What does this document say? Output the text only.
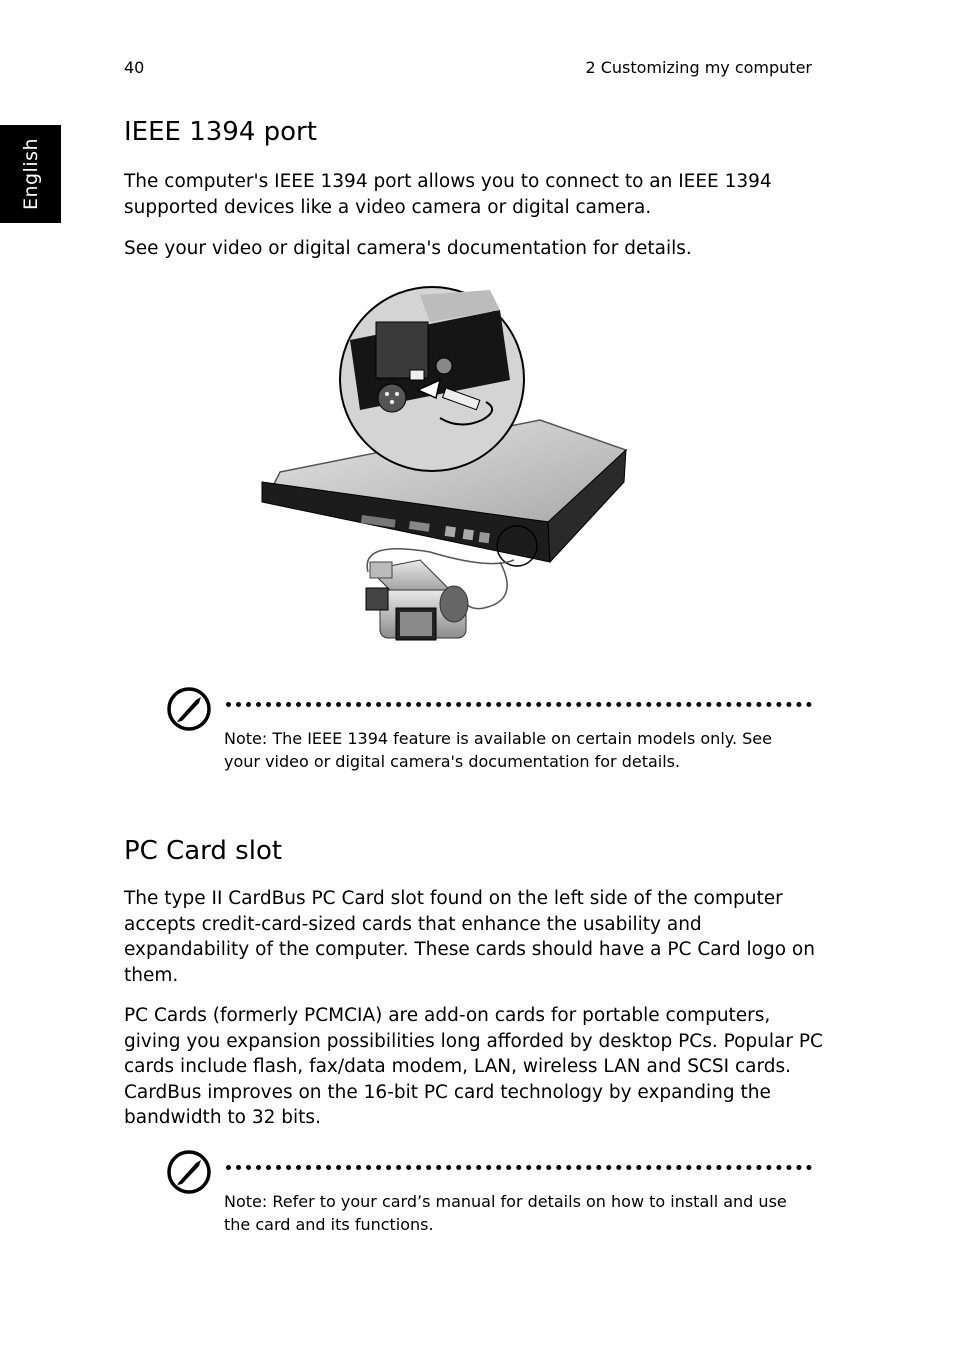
40	2 Customizing my computer
English
IEEE 1394 port

The computer's IEEE 1394 port allows you to connect to an IEEE 1394 supported devices like a video camera or digital camera.

See your video or digital camera's documentation for details.

Note: The IEEE 1394 feature is available on certain models only. See your video or digital camera's documentation for details.

PC Card slot

The type II CardBus PC Card slot found on the left side of the computer accepts credit-card-sized cards that enhance the usability and expandability of the computer. These cards should have a PC Card logo on them.

PC Cards (formerly PCMCIA) are add-on cards for portable computers, giving you expansion possibilities long afforded by desktop PCs. Popular PC cards include flash, fax/data modem, LAN, wireless LAN and SCSI cards. CardBus improves on the 16-bit PC card technology by expanding the bandwidth to 32 bits.

Note: Refer to your card’s manual for details on how to install and use the card and its functions.
